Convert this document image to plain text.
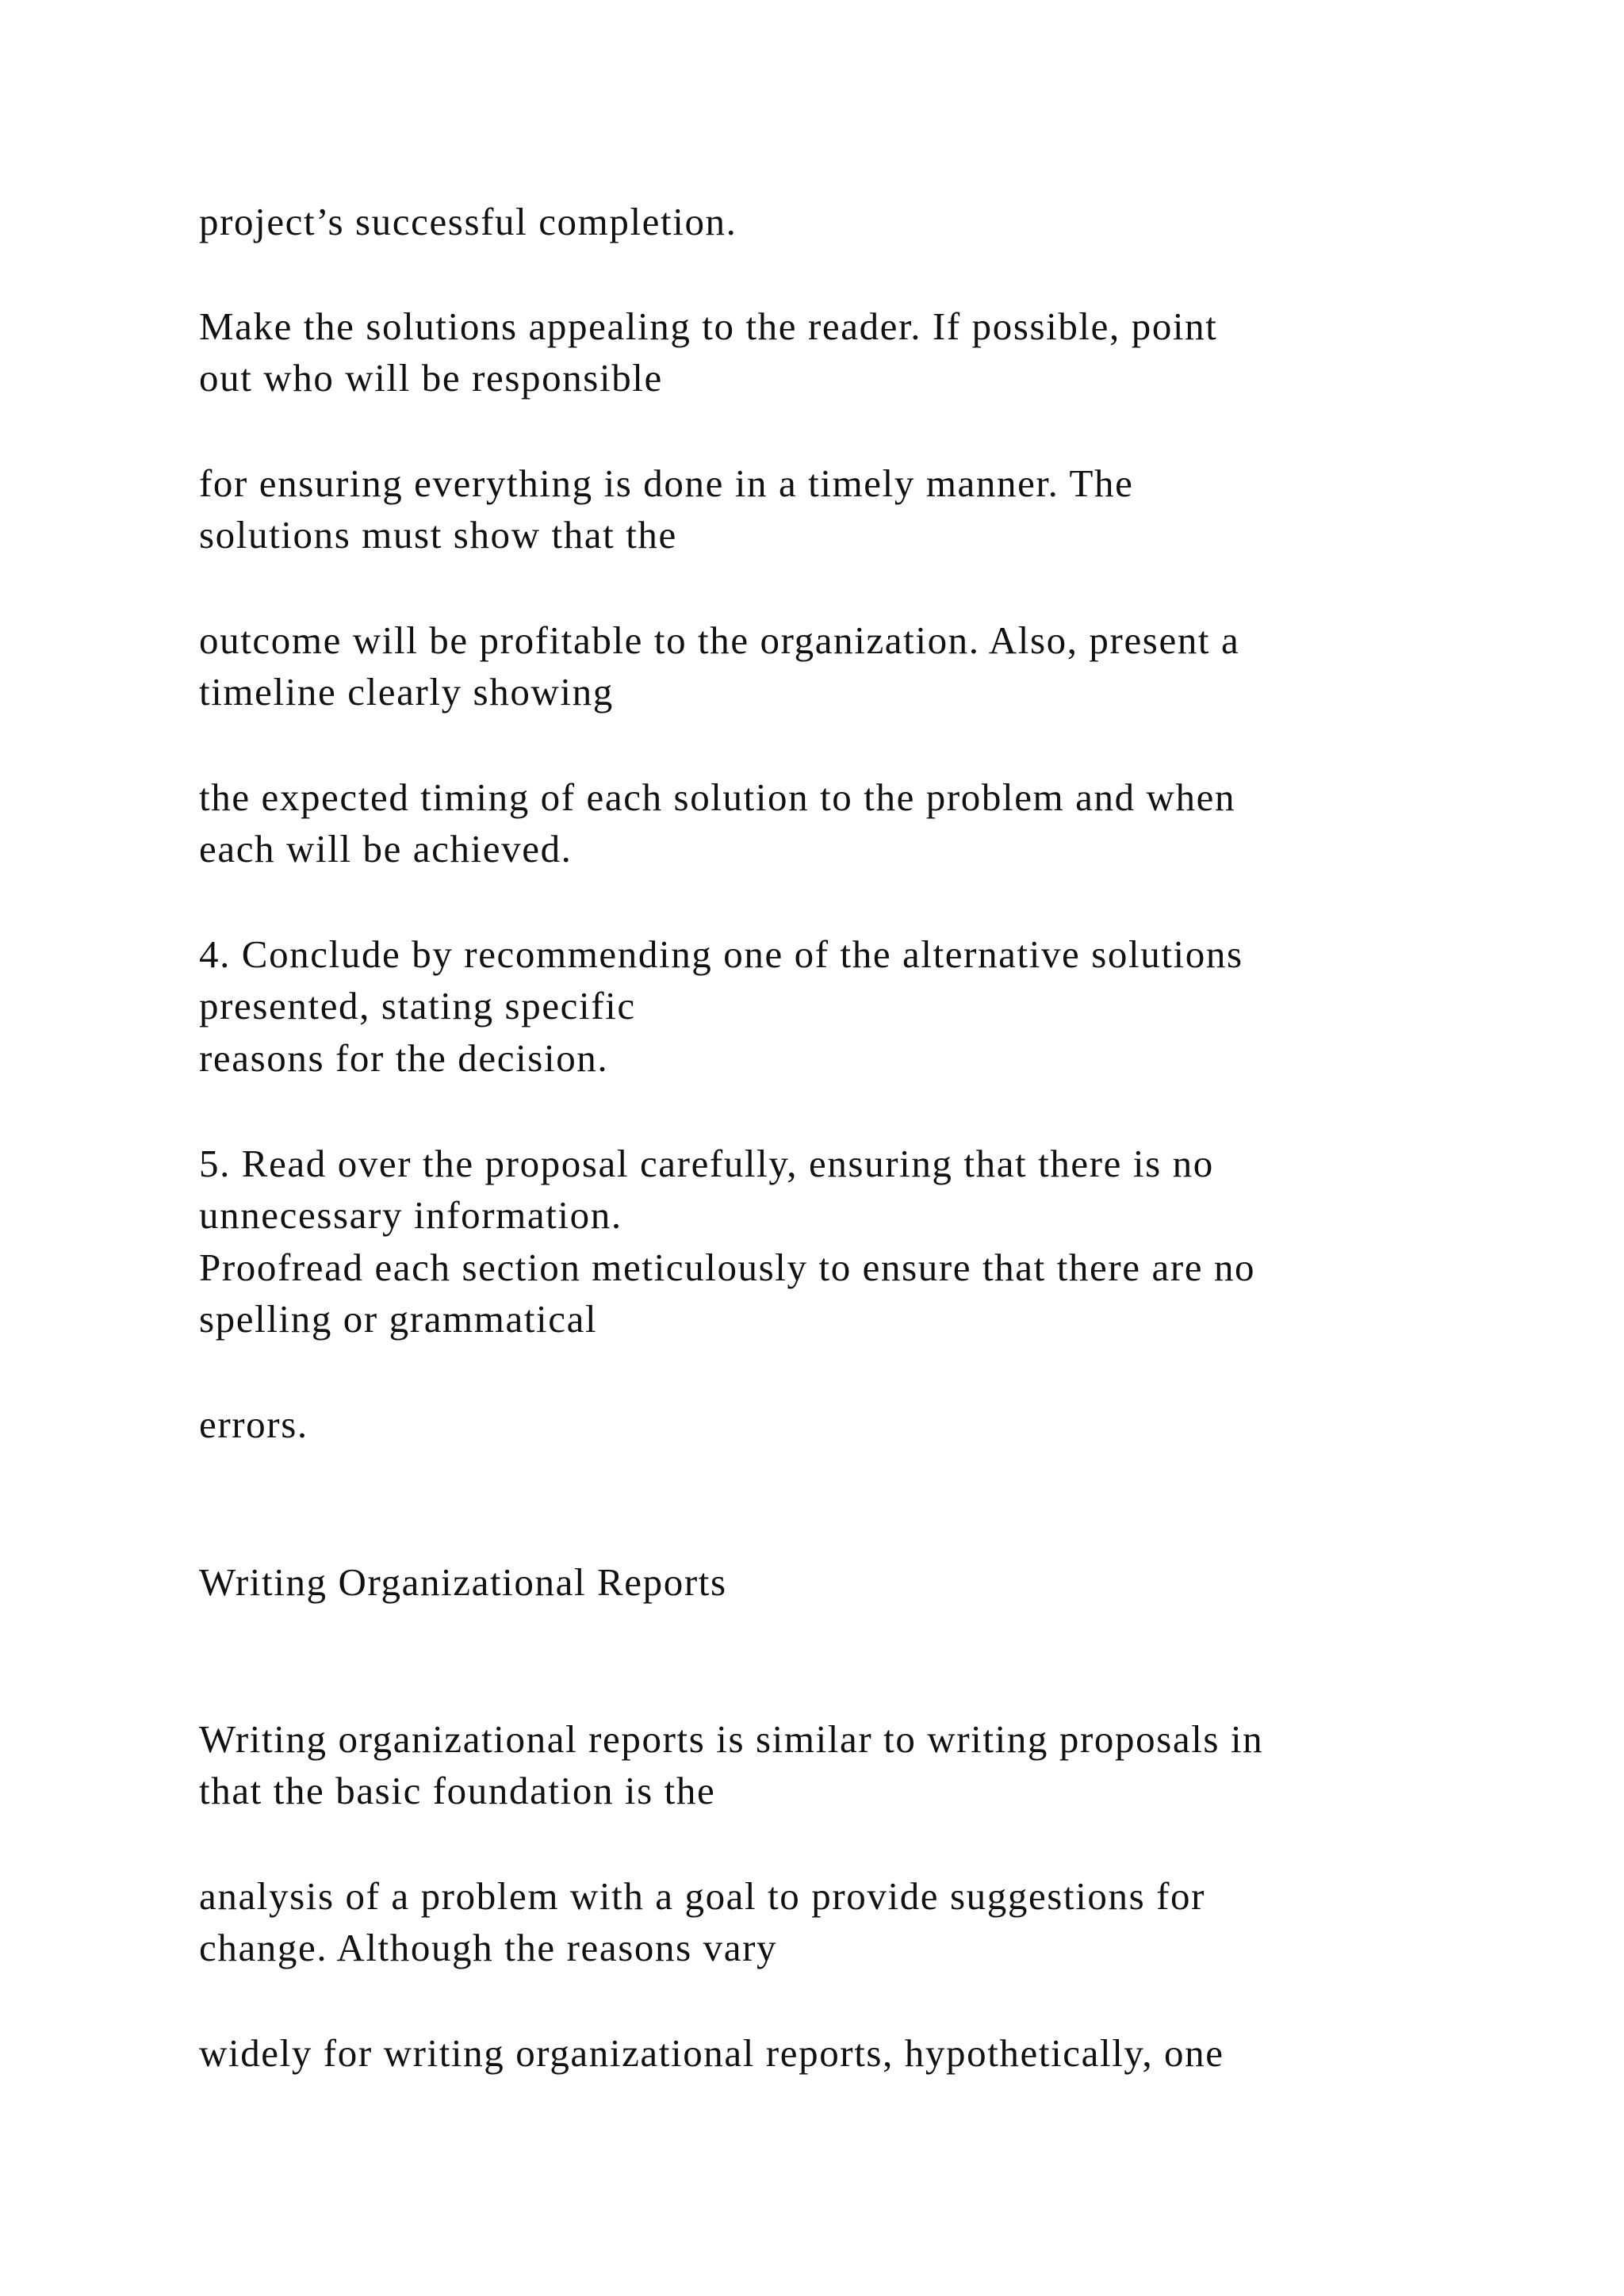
project’s successful completion.
Make the solutions appealing to the reader. If possible, point
out who will be responsible
for ensuring everything is done in a timely manner. The
solutions must show that the
outcome will be profitable to the organization. Also, present a
timeline clearly showing
the expected timing of each solution to the problem and when
each will be achieved.
4. Conclude by recommending one of the alternative solutions
presented, stating specific
reasons for the decision.
5. Read over the proposal carefully, ensuring that there is no
unnecessary information.
Proofread each section meticulously to ensure that there are no
spelling or grammatical
errors.
Writing Organizational Reports
Writing organizational reports is similar to writing proposals in
that the basic foundation is the
analysis of a problem with a goal to provide suggestions for
change. Although the reasons vary
widely for writing organizational reports, hypothetically, one
